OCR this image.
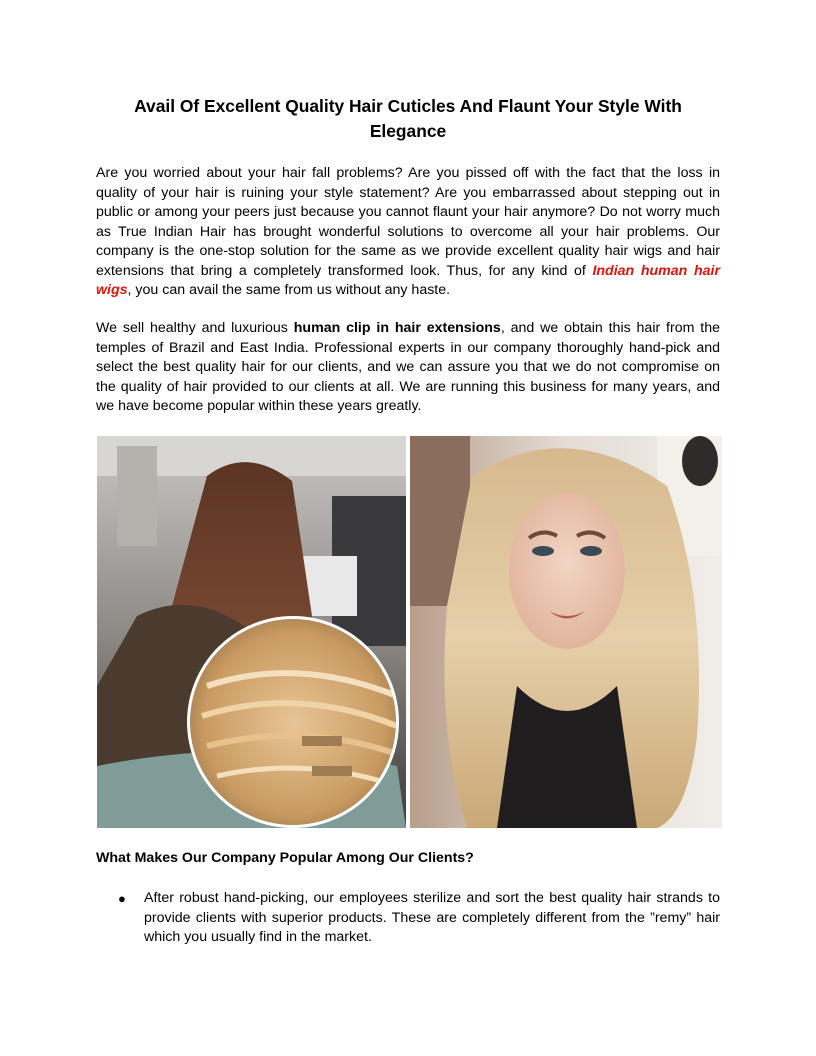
Avail Of Excellent Quality Hair Cuticles And Flaunt Your Style With Elegance

Are you worried about your hair fall problems? Are you pissed off with the fact that the loss in quality of your hair is ruining your style statement? Are you embarrassed about stepping out in public or among your peers just because you cannot flaunt your hair anymore? Do not worry much as True Indian Hair has brought wonderful solutions to overcome all your hair problems. Our company is the one-stop solution for the same as we provide excellent quality hair wigs and hair extensions that bring a completely transformed look. Thus, for any kind of Indian human hair wigs, you can avail the same from us without any haste.

We sell healthy and luxurious human clip in hair extensions, and we obtain this hair from the temples of Brazil and East India. Professional experts in our company thoroughly hand-pick and select the best quality hair for our clients, and we can assure you that we do not compromise on the quality of hair provided to our clients at all. We are running this business for many years, and we have become popular within these years greatly.

What Makes Our Company Popular Among Our Clients?
● After robust hand-picking, our employees sterilize and sort the best quality hair strands to provide clients with superior products. These are completely different from the ”remy” hair which you usually find in the market.
